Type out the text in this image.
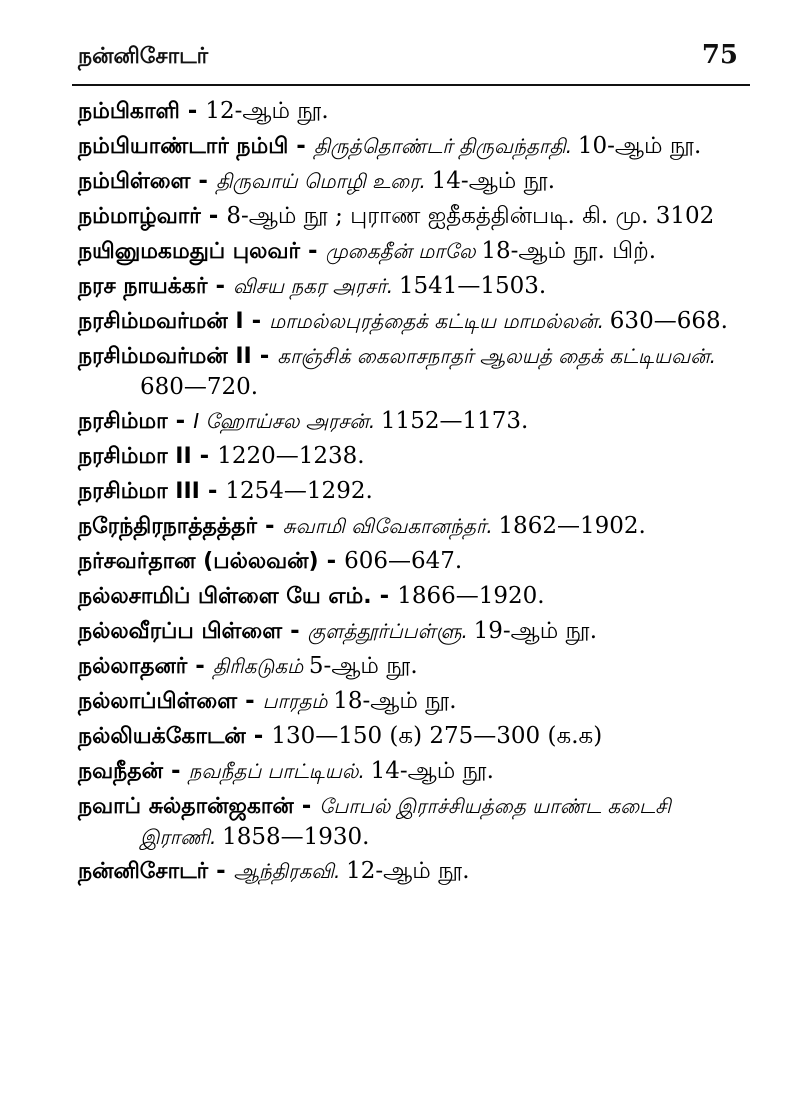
நன்னிசோடர்	75
நம்பிகாளி - 12-ஆம் நூ.
நம்பியாண்டார் நம்பி - திருத்தொண்டர் திருவந்தாதி. 10-ஆம் நூ.
நம்பிள்ளை - திருவாய் மொழி உரை. 14-ஆம் நூ.
நம்மாழ்வார் - 8-ஆம் நூ ; புராண ஐதீகத்தின்படி. கி. மு. 3102
நயினுமகமதுப் புலவர் - முகைதீன் மாலே 18-ஆம் நூ. பிற்.
நரச நாயக்கர் - விசய நகர அரசர். 1541—1503.
நரசிம்மவர்மன் I - மாமல்லபுரத்தைக் கட்டிய மாமல்லன். 630—668.
நரசிம்மவர்மன் II - காஞ்சிக் கைலாசநாதர் ஆலயத் தைக் கட்டியவன். 680—720.
நரசிம்மா - I ஹோய்சல அரசன். 1152—1173.
நரசிம்மா II - 1220—1238.
நரசிம்மா III - 1254—1292.
நரேந்திரநாத்தத்தர் - சுவாமி விவேகானந்தர். 1862—1902.
நர்சவர்தான (பல்லவன்) - 606—647.
நல்லசாமிப் பிள்ளை யே எம். - 1866—1920.
நல்லவீரப்ப பிள்ளை - குளத்தூர்ப்பள்ளு. 19-ஆம் நூ.
நல்லாதனர் - திரிகடுகம் 5-ஆம் நூ.
நல்லாப்பிள்ளை - பாரதம் 18-ஆம் நூ.
நல்லியக்கோடன் - 130—150 (க) 275—300 (க.க)
நவநீதன் - நவநீதப் பாட்டியல். 14-ஆம் நூ.
நவாப் சுல்தான்ஜகான் - போபல் இராச்சியத்தை யாண்ட கடைசி இராணி. 1858—1930.
நன்னிசோடர் - ஆந்திரகவி. 12-ஆம் நூ.
